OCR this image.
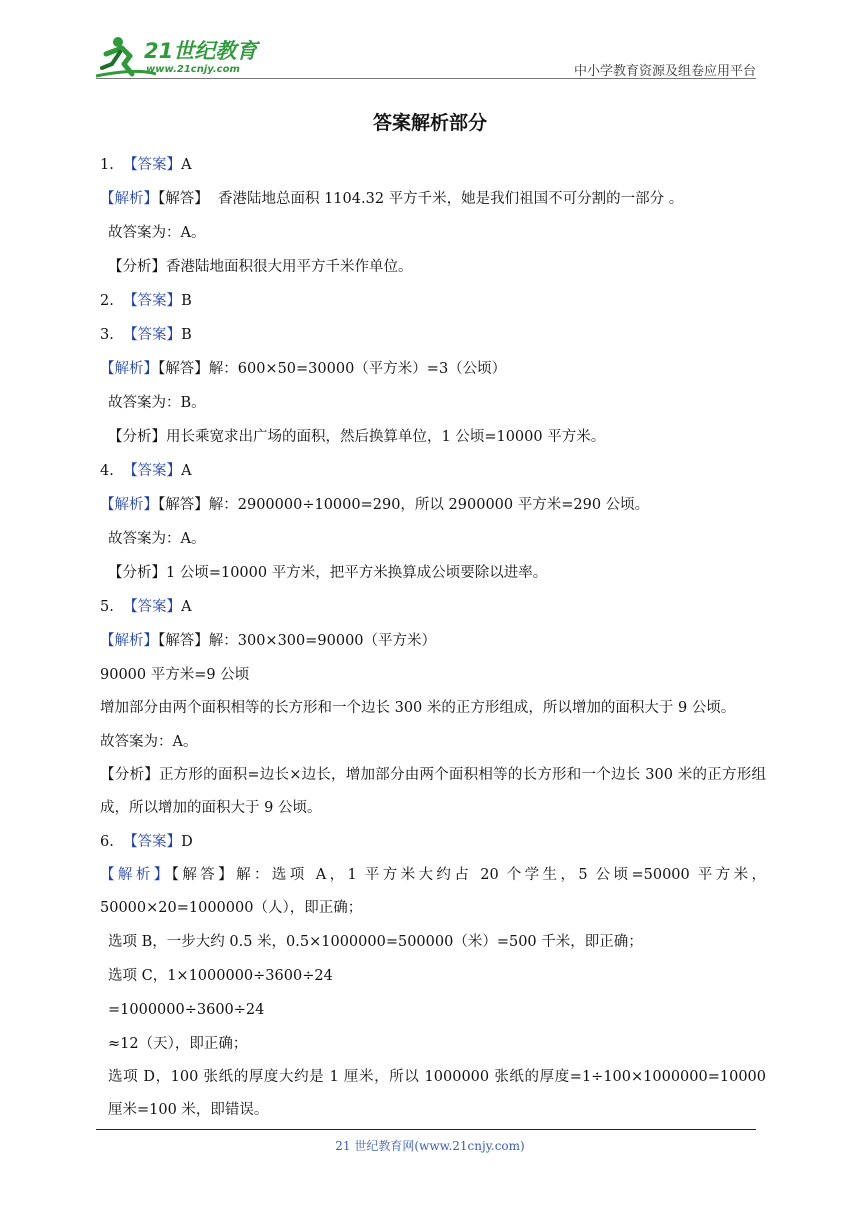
21世纪教育
www.21cnjy.com	中小学教育资源及组卷应用平台
答案解析部分
1. 【答案】A
【解析】【解答】 香港陆地总面积 1104.32 平方千米，她是我们祖国不可分割的一部分 。
故答案为：A。
【分析】香港陆地面积很大用平方千米作单位。
2. 【答案】B
3. 【答案】B
【解析】【解答】解：600×50=30000（平方米）=3（公顷）
故答案为：B。
【分析】用长乘宽求出广场的面积，然后换算单位，1 公顷=10000 平方米。
4. 【答案】A
【解析】【解答】解：2900000÷10000=290，所以 2900000 平方米=290 公顷。
故答案为：A。
【分析】1 公顷=10000 平方米，把平方米换算成公顷要除以进率。
5. 【答案】A
【解析】【解答】解：300×300=90000（平方米）
90000 平方米=9 公顷
增加部分由两个面积相等的长方形和一个边长 300 米的正方形组成，所以增加的面积大于 9 公顷。
故答案为：A。
【分析】正方形的面积=边长×边长，增加部分由两个面积相等的长方形和一个边长 300 米的正方形组成，所以增加的面积大于 9 公顷。
6. 【答案】D
【解析】【解答】解：选项 A，1 平方米大约占 20 个学生，5 公顷=50000 平方米，50000×20=1000000（人），即正确；
选项 B，一步大约 0.5 米，0.5×1000000=500000（米）=500 千米，即正确；
选项 C，1×1000000÷3600÷24
=1000000÷3600÷24
≈12（天），即正确；
选项 D，100 张纸的厚度大约是 1 厘米，所以 1000000 张纸的厚度=1÷100×1000000=10000 厘米=100 米，即错误。
21 世纪教育网(www.21cnjy.com)
